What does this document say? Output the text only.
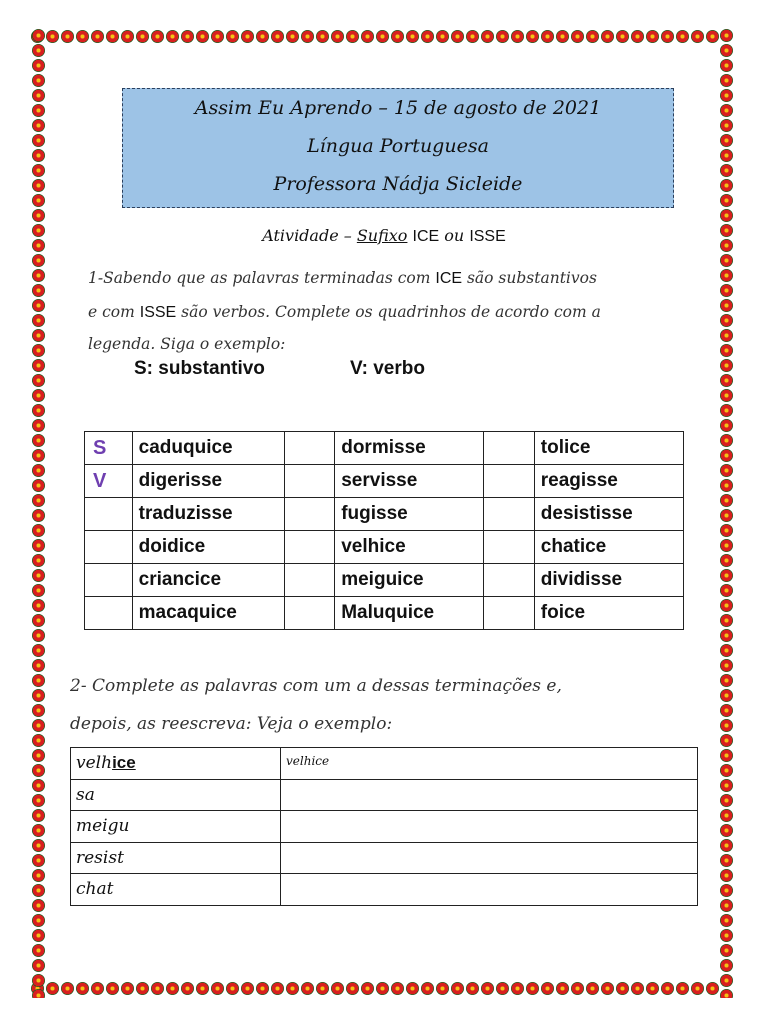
Assim Eu Aprendo – 15 de agosto de 2021
Língua Portuguesa
Professora Nádja Sicleide
Atividade – Sufixo ICE ou ISSE
1-Sabendo que as palavras terminadas com ICE são substantivos
e com ISSE são verbos. Complete os quadrinhos de acordo com a
legenda. Siga o exemplo:
S: substantivo	V: verbo
S	caduquice		dormisse		tolice
V	digerisse		servisse		reagisse
	traduzisse		fugisse		desistisse
	doidice		velhice		chatice
	criancice		meiguice		dividisse
	macaquice		Maluquice		foice
2- Complete as palavras com um a dessas terminações e,
depois, as reescreva: Veja o exemplo:
velhice	velhice
sa	
meigu	
resist	
chat	
